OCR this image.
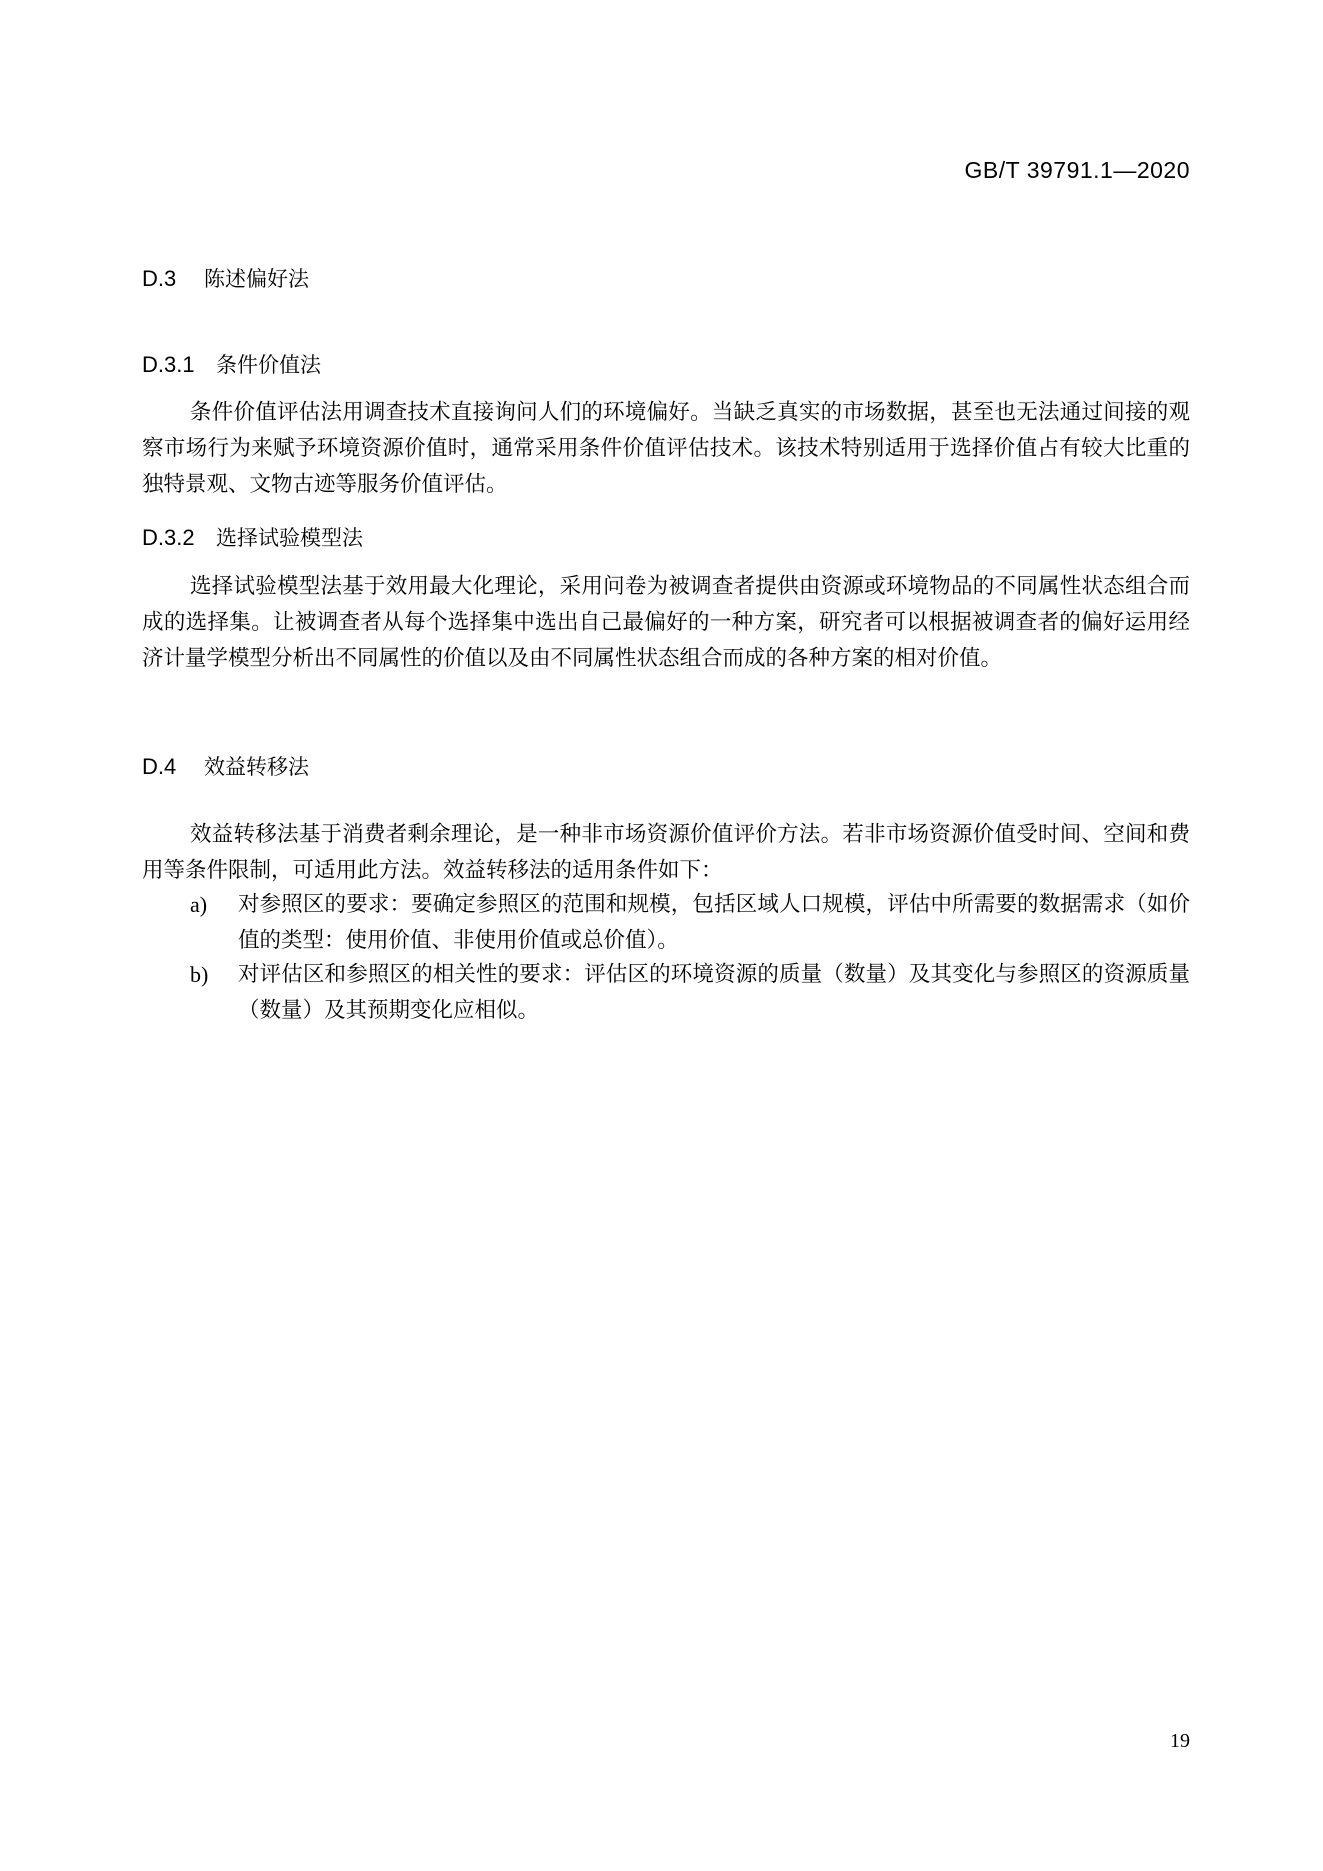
GB/T 39791.1—2020
D.3 陈述偏好法
D.3.1 条件价值法

条件价值评估法用调查技术直接询问人们的环境偏好。当缺乏真实的市场数据，甚至也无法通过间接的观察市场行为来赋予环境资源价值时，通常采用条件价值评估技术。该技术特别适用于选择价值占有较大比重的独特景观、文物古迹等服务价值评估。

D.3.2 选择试验模型法

选择试验模型法基于效用最大化理论，采用问卷为被调查者提供由资源或环境物品的不同属性状态组合而成的选择集。让被调查者从每个选择集中选出自己最偏好的一种方案，研究者可以根据被调查者的偏好运用经济计量学模型分析出不同属性的价值以及由不同属性状态组合而成的各种方案的相对价值。

D.4 效益转移法

效益转移法基于消费者剩余理论，是一种非市场资源价值评价方法。若非市场资源价值受时间、空间和费用等条件限制，可适用此方法。效益转移法的适用条件如下：

a) 对参照区的要求：要确定参照区的范围和规模，包括区域人口规模，评估中所需要的数据需求（如价值的类型：使用价值、非使用价值或总价值）。
b) 对评估区和参照区的相关性的要求：评估区的环境资源的质量（数量）及其变化与参照区的资源质量（数量）及其预期变化应相似。
19
